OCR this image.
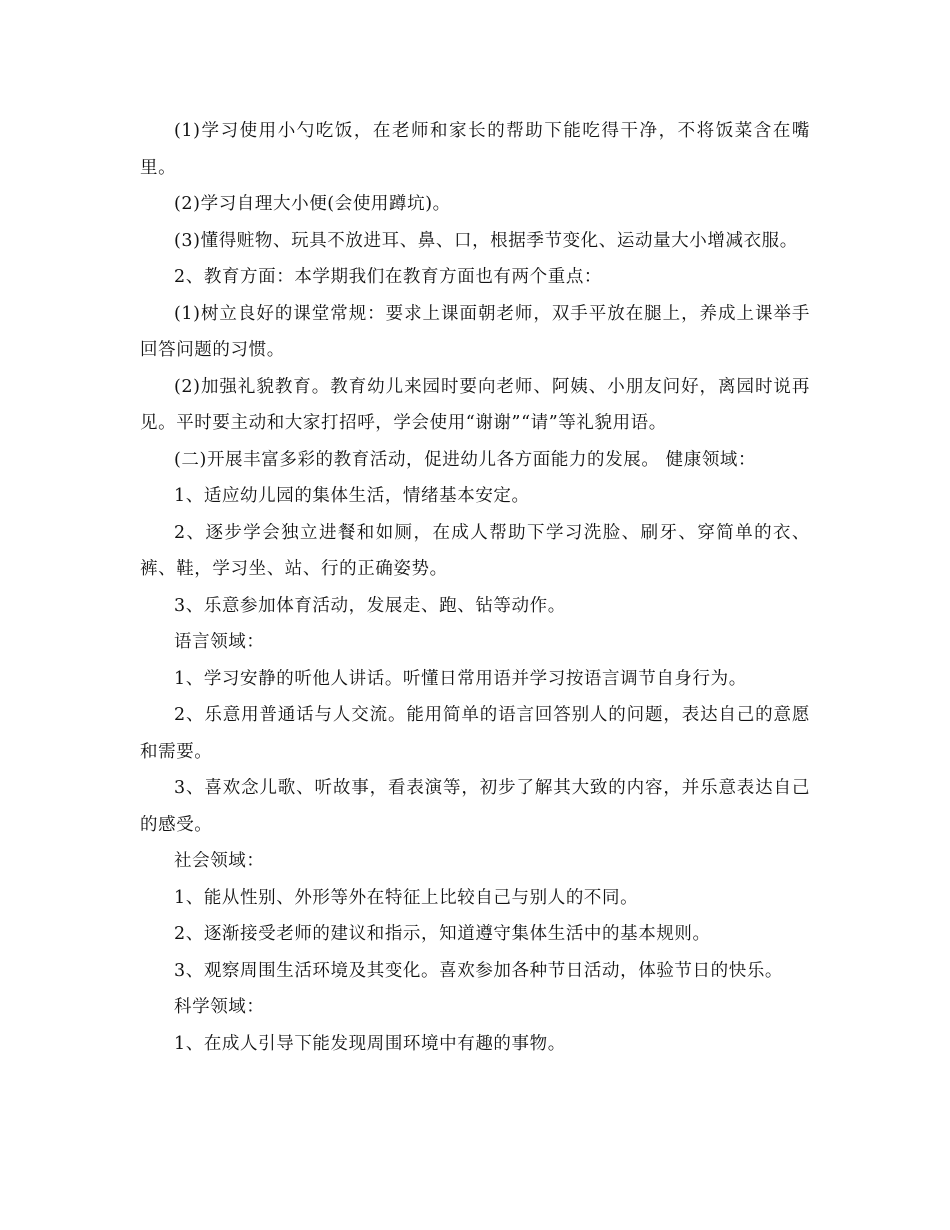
(1)学习使用小勺吃饭，在老师和家长的帮助下能吃得干净，不将饭菜含在嘴里。

(2)学习自理大小便(会使用蹲坑)。

(3)懂得赃物、玩具不放进耳、鼻、口，根据季节变化、运动量大小增减衣服。

2、教育方面：本学期我们在教育方面也有两个重点：

(1)树立良好的课堂常规：要求上课面朝老师，双手平放在腿上，养成上课举手回答问题的习惯。

(2)加强礼貌教育。教育幼儿来园时要向老师、阿姨、小朋友问好，离园时说再见。平时要主动和大家打招呼，学会使用“谢谢”“请”等礼貌用语。

(二)开展丰富多彩的教育活动，促进幼儿各方面能力的发展。 健康领域：

1、适应幼儿园的集体生活，情绪基本安定。

2、逐步学会独立进餐和如厕，在成人帮助下学习洗脸、刷牙、穿简单的衣、裤、鞋，学习坐、站、行的正确姿势。

3、乐意参加体育活动，发展走、跑、钻等动作。

语言领域：

1、学习安静的听他人讲话。听懂日常用语并学习按语言调节自身行为。

2、乐意用普通话与人交流。能用简单的语言回答别人的问题，表达自己的意愿和需要。

3、喜欢念儿歌、听故事，看表演等，初步了解其大致的内容，并乐意表达自己的感受。

社会领域：

1、能从性别、外形等外在特征上比较自己与别人的不同。

2、逐渐接受老师的建议和指示，知道遵守集体生活中的基本规则。

3、观察周围生活环境及其变化。喜欢参加各种节日活动，体验节日的快乐。

科学领域：

1、在成人引导下能发现周围环境中有趣的事物。
